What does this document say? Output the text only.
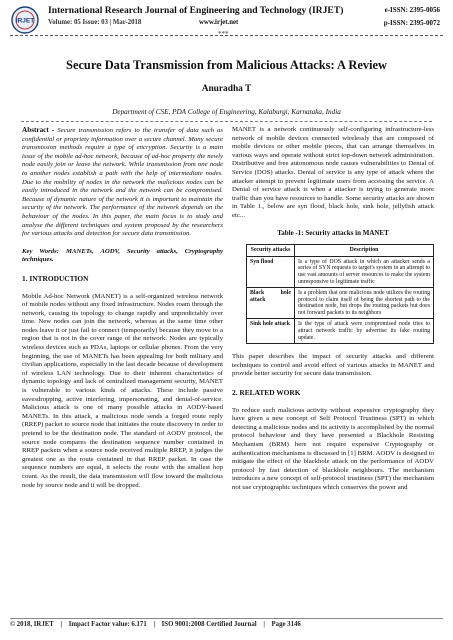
IRJET
International Research Journal of Engineering and Technology (IRJET)
Volume: 05 Issue: 03 | Mar-2018	www.irjet.net
e-ISSN: 2395-0056
p-ISSN: 2395-0072
***
Secure Data Transmission from Malicious Attacks: A Review
Anuradha T
Department of CSE, PDA College of Engineering, Kalaburgi, Karnataka, India

Abstract - Secure transmission refers to the transfer of data such as confidential or propriety information over a secure channel. Many secure transmission methods require a type of encryption. Security is a main issue of the mobile ad-hoc network, because of ad-hoc property the newly node easily join or leave the network. While transmission from one node to another nodes establish a path with the help of intermediate nodes. Due to the mobility of nodes in the network the malicious nodes can be easily introduced in the network and the network can be compromised. Because of dynamic nature of the network it is important to maintain the security of the network. The performance of the network depends on the behaviour of the nodes. In this paper, the main focus is to study and analyse the different techniques and system proposed by the researchers for various attacks and detection for secure data transmission.

Key Words: MANETs, AODV, Security attacks, Cryptography techniques.

1. INTRODUCTION

Mobile Ad-hoc Network (MANET) is a self-organized wireless network of mobile nodes without any fixed infrastructure. Nodes roam through the network, causing its topology to change rapidly and unpredictably over time. New nodes can join the network, whereas at the same time other nodes leave it or just fail to connect (temporarily) because they move to a region that is not in the cover range of the network. Nodes are typically wireless devices such as PDAs, laptops or cellular phones. From the very beginning, the use of MANETs has been appealing for both military and civilian applications, especially in the last decade because of development of wireless LAN technology. Due to their inherent characteristics of dynamic topology and lack of centralized management security, MANET is vulnerable to various kinds of attacks. These include passive eavesdropping, active interfering, impersonating, and denial-of-service. Malicious attack is one of many possible attacks in AODV-based MANETs. In this attack, a malicious node sends a forged route reply (RREP) packet to source node that initiates the route discovery in order to pretend to be the destination node. The standard of AODV protocol, the source node compares the destination sequence number contained in RREP packets when a source node received multiple RREP, it judges the greatest one as the route contained in that RREP packet. In case the sequence numbers are equal, it selects the route with the smallest hop count. As the result, the data transmission will flow toward the malicious node by source node and it will be dropped.

MANET is a network continuously self-configuring infrastructure-less network of mobile devices connected wirelessly that are composed of mobile devices or other mobile pieces, that can arrange themselves in various ways and operate without strict top-down network administration. Distributive and free autonomous node causes vulnerabilities to Denial of Service (DOS) attacks. Denial of service is any type of attack where the attacker attempt to prevent legitimate users from accessing the service. A Denial of service attack is when a attacker is trying to generate more traffic than you have resources to handle. Some security attacks are shown in Table 1., below are syn flood, black hole, sink hole, jellyfish attack etc...

Table -1: Security attacks in MANET
Security attacks	Description
Syn flood	Is a type of DOS attack in which an attacker sends a series of SYN requests to target's system in an attempt to use vast amounts of server resources to make the system unresponsive to legitimate traffic
Black hole attack	Is a problem that one malicious node utilizes the routing protocol to claim itself of being the shortest path to the destination node, but drops the routing packets but does not forward packets to its neighbors
Sink hole attack	Is the type of attack were compromised node tries to attract network traffic by advertise its fake routing update.

This paper describes the impact of security attacks and different techniques to control and avoid effect of various attacks in MANET and provide better security for secure data transmission.

2. RELATED WORK

To reduce such malicious activity without expensive cryptography they have given a new concept of Self Protocol Trustiness (SPT) in which detecting a malicious nodes and its activity is accomplished by the normal protocol behaviour and they have presented a Blackhole Resisting Mechanism (BRM) here not require expensive Cryptography or authentication mechanisms is discussed in [1] BRM. AODV is designed to mitigate the effect of the blackhole attack on the performance of AODV protocol by fast detection of blackhole neighbours. The mechanism introduces a new concept of self-protocol trustiness (SPT) the mechanism not use cryptographic techniques which conserves the power and

© 2018, IRJET | Impact Factor value: 6.171 | ISO 9001:2008 Certified Journal | Page 3146
